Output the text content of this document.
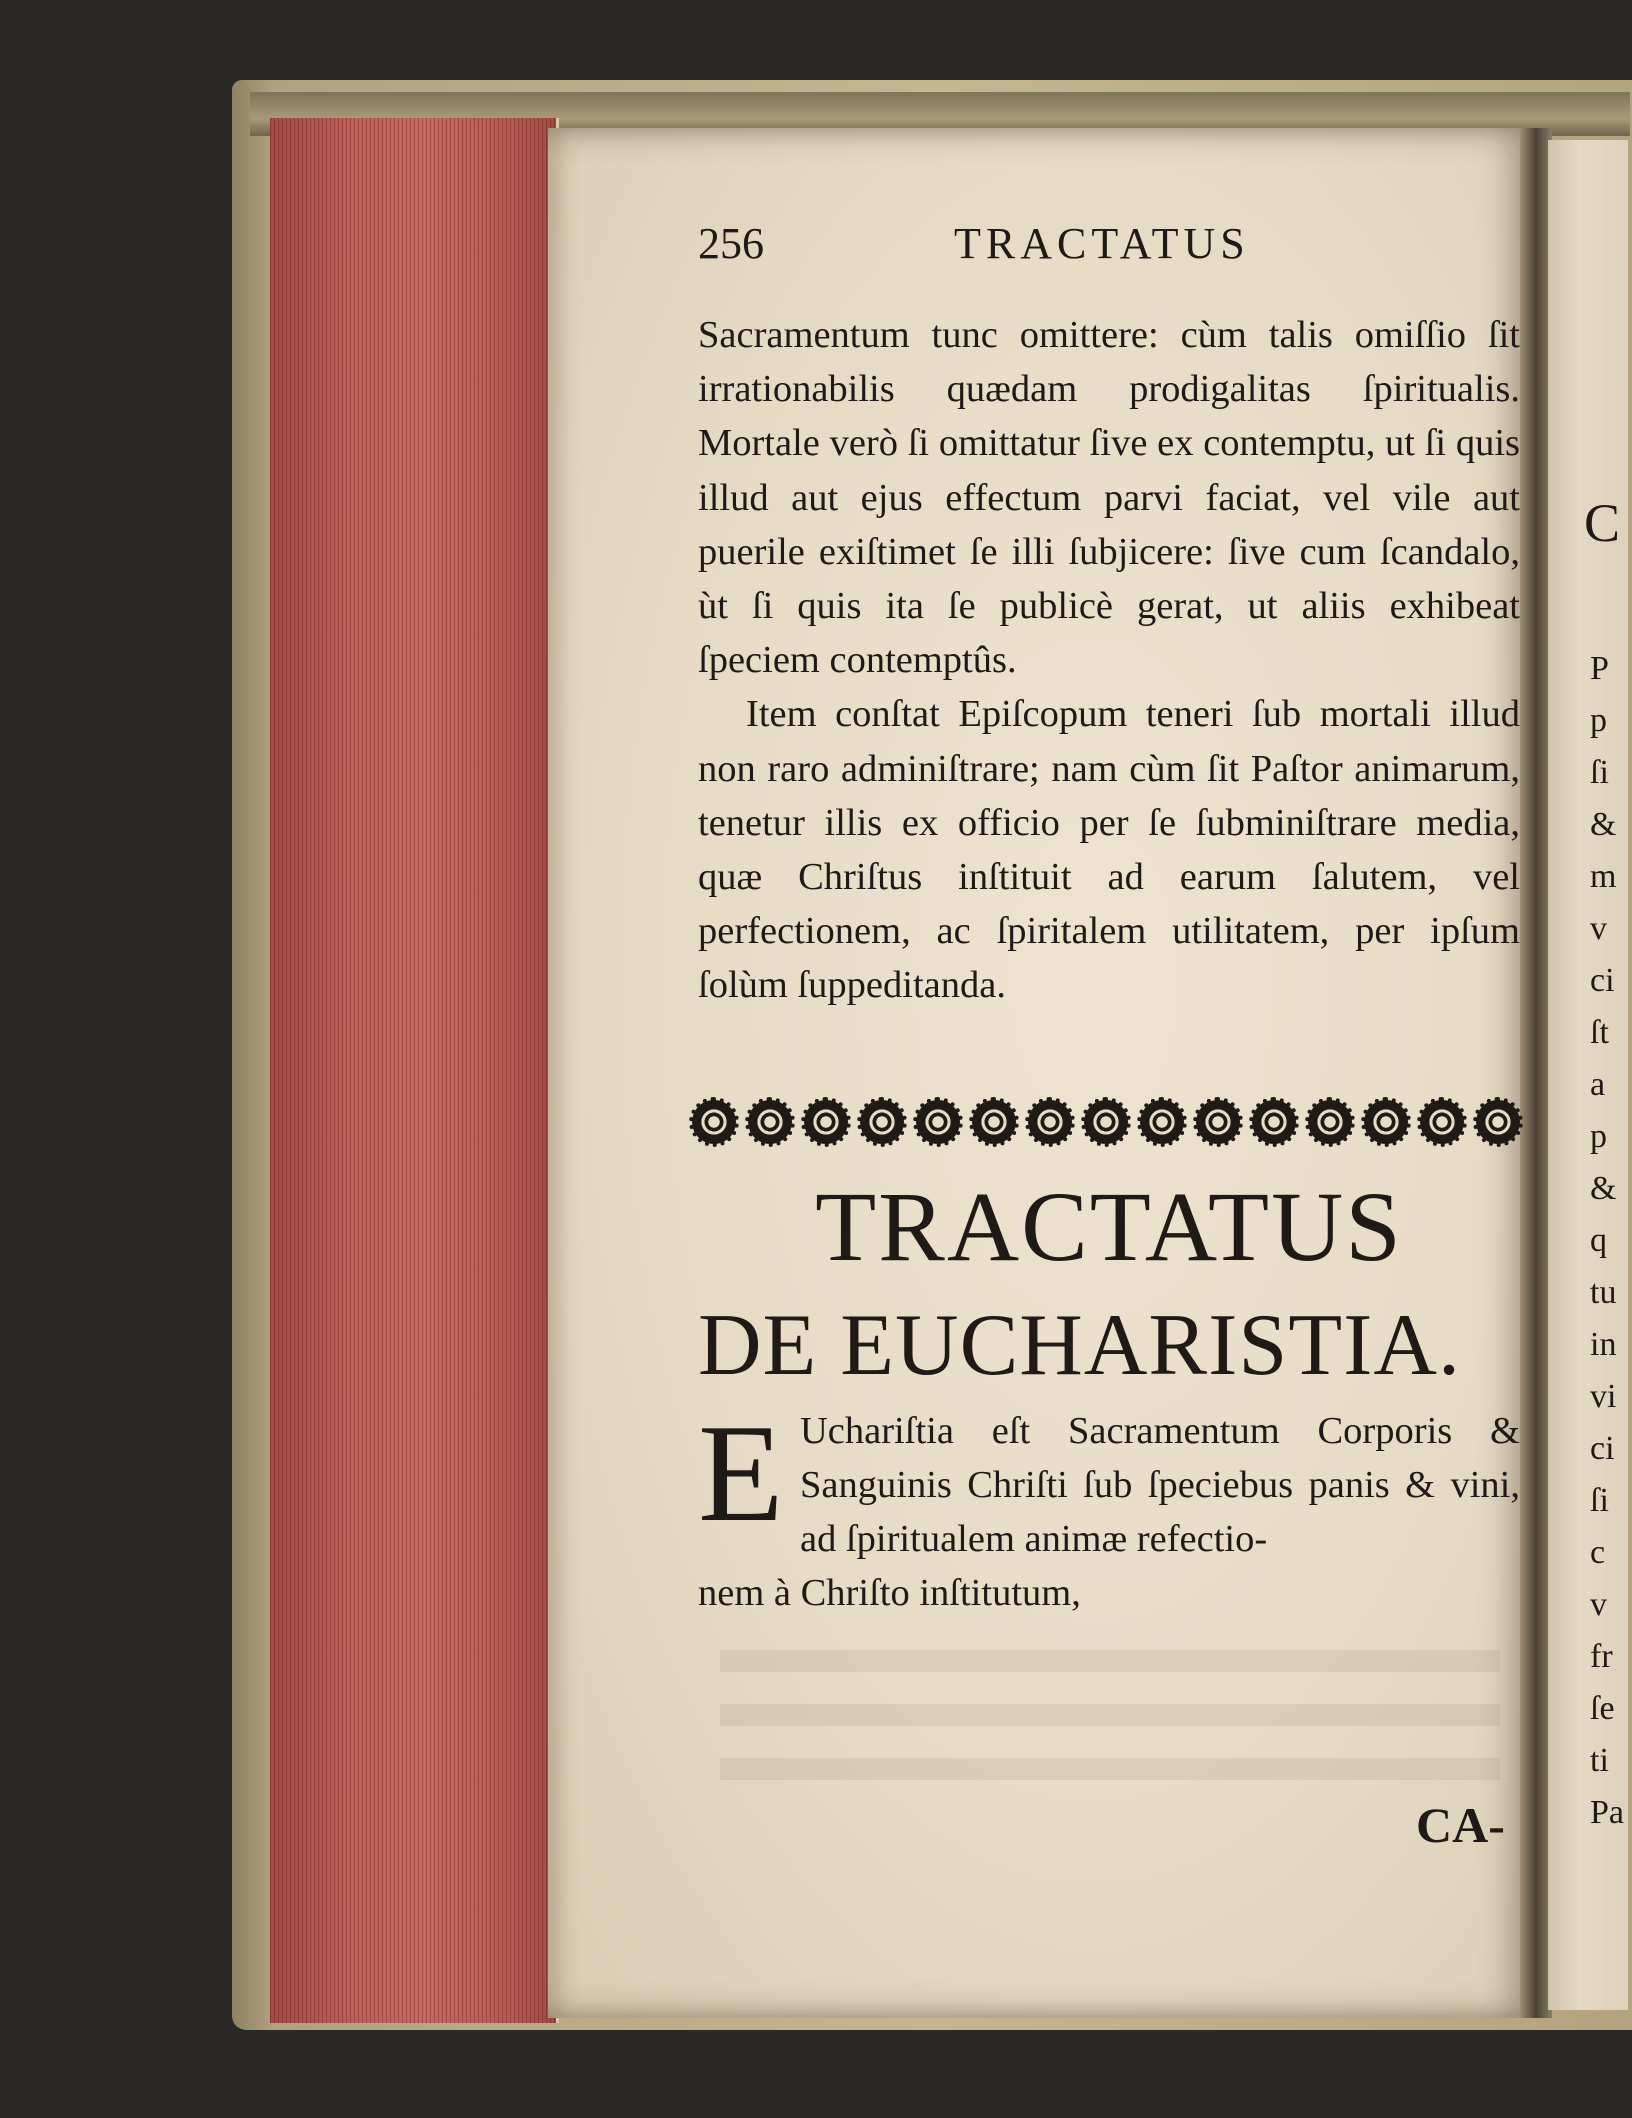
C
P
p
ſi
&
m
v
ci
ſt
a
p
&
q
tu
in
vi
ci
ſi
c
v
fr
ſe
ti
Pa
256	TRACTATUS

Sacramentum tunc omittere: cùm talis omiſſio ſit irrationabilis quædam prodigalitas ſpiritualis. Mortale verò ſi omittatur ſive ex contemptu, ut ſi quis illud aut ejus effectum parvi faciat, vel vile aut puerile exiſtimet ſe illi ſubjicere: ſive cum ſcandalo, ùt ſi quis ita ſe publicè gerat, ut aliis exhibeat ſpeciem contemptûs.

Item conſtat Epiſcopum teneri ſub mortali illud non raro adminiſtrare; nam cùm ſit Paſtor animarum, tenetur illis ex officio per ſe ſubminiſtrare media, quæ Chriſtus inſtituit ad earum ſalutem, vel perfectionem, ac ſpiritalem utilitatem, per ipſum ſolùm ſuppeditanda.

TRACTATUS
DE EUCHARISTIA.
E Uchariſtia eſt Sacramentum Corporis & Sanguinis Chriſti ſub ſpeciebus panis & vini, ad ſpiritualem animæ refectio-

nem à Chriſto inſtitutum,
CA-
